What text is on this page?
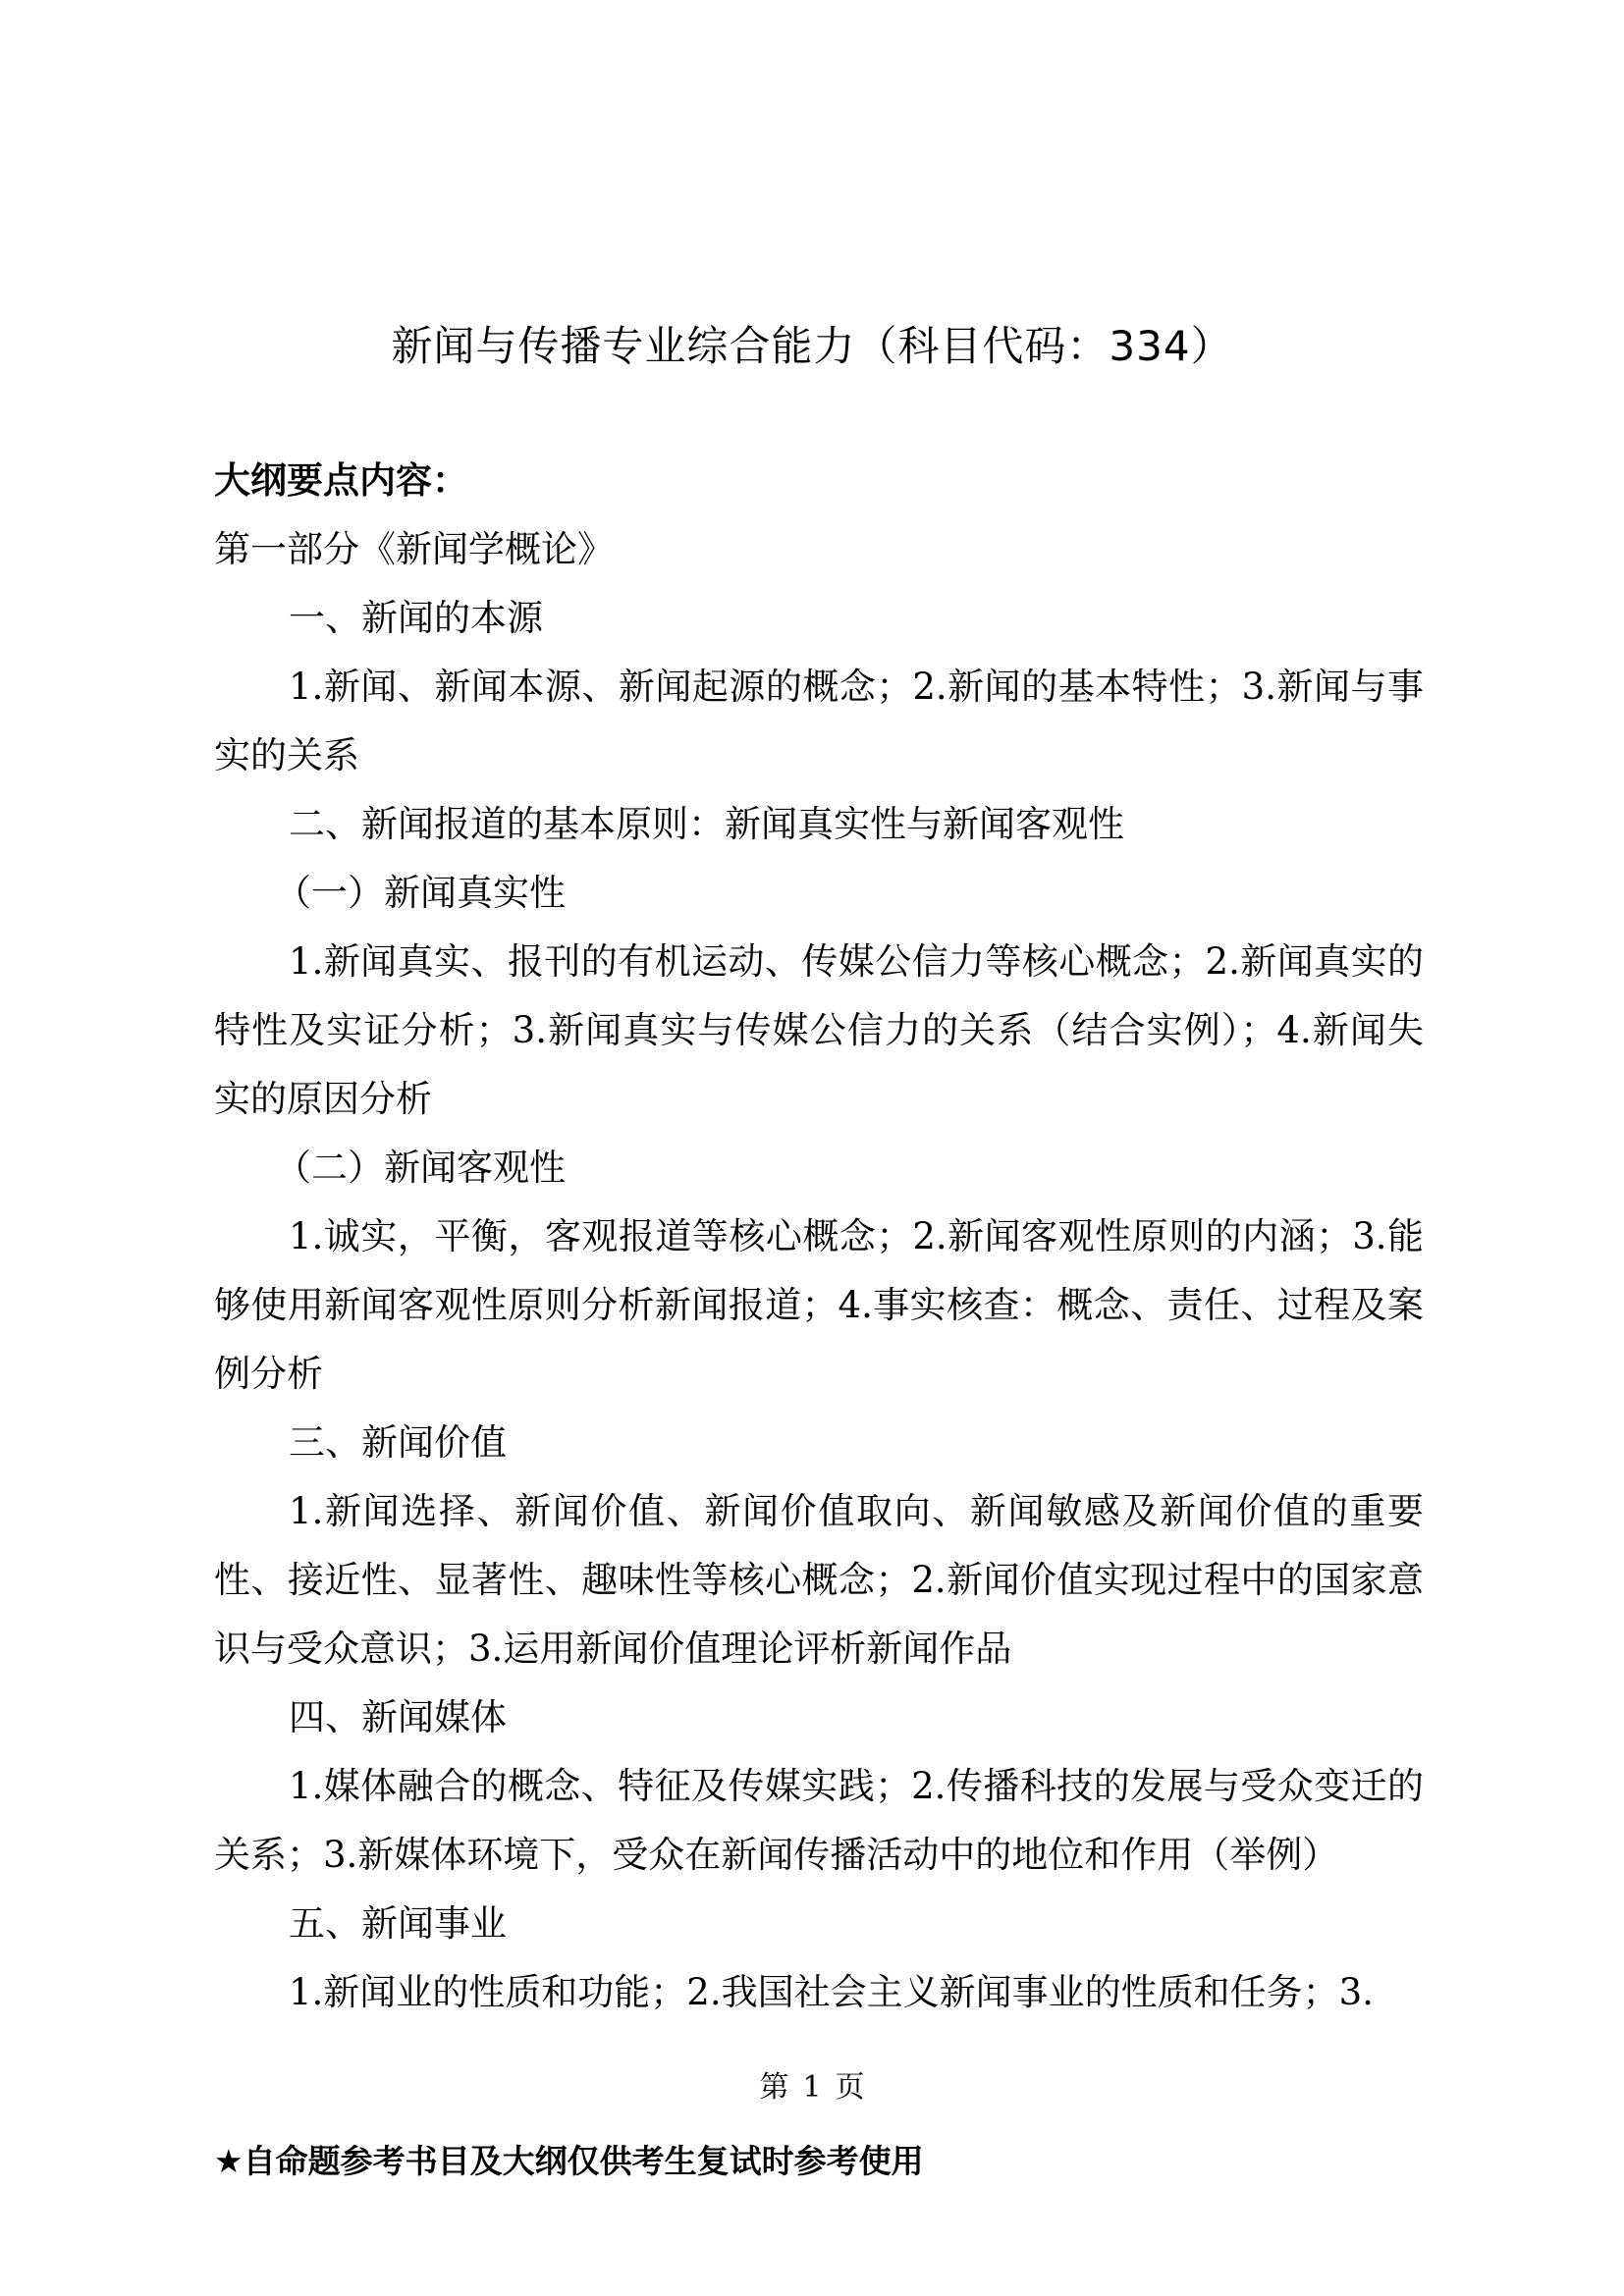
新闻与传播专业综合能力（科目代码：334）

大纲要点内容：

第一部分《新闻学概论》

一、新闻的本源

1.新闻、新闻本源、新闻起源的概念；2.新闻的基本特性；3.新闻与事实的关系

二、新闻报道的基本原则：新闻真实性与新闻客观性

（一）新闻真实性

1.新闻真实、报刊的有机运动、传媒公信力等核心概念；2.新闻真实的特性及实证分析；3.新闻真实与传媒公信力的关系（结合实例）；4.新闻失实的原因分析

（二）新闻客观性

1.诚实，平衡，客观报道等核心概念；2.新闻客观性原则的内涵；3.能够使用新闻客观性原则分析新闻报道；4.事实核查：概念、责任、过程及案例分析

三、新闻价值

1.新闻选择、新闻价值、新闻价值取向、新闻敏感及新闻价值的重要性、接近性、显著性、趣味性等核心概念；2.新闻价值实现过程中的国家意识与受众意识；3.运用新闻价值理论评析新闻作品

四、新闻媒体

1.媒体融合的概念、特征及传媒实践；2.传播科技的发展与受众变迁的关系；3.新媒体环境下，受众在新闻传播活动中的地位和作用（举例）

五、新闻事业

1.新闻业的性质和功能；2.我国社会主义新闻事业的性质和任务；3.

第 1 页
★自命题参考书目及大纲仅供考生复试时参考使用
